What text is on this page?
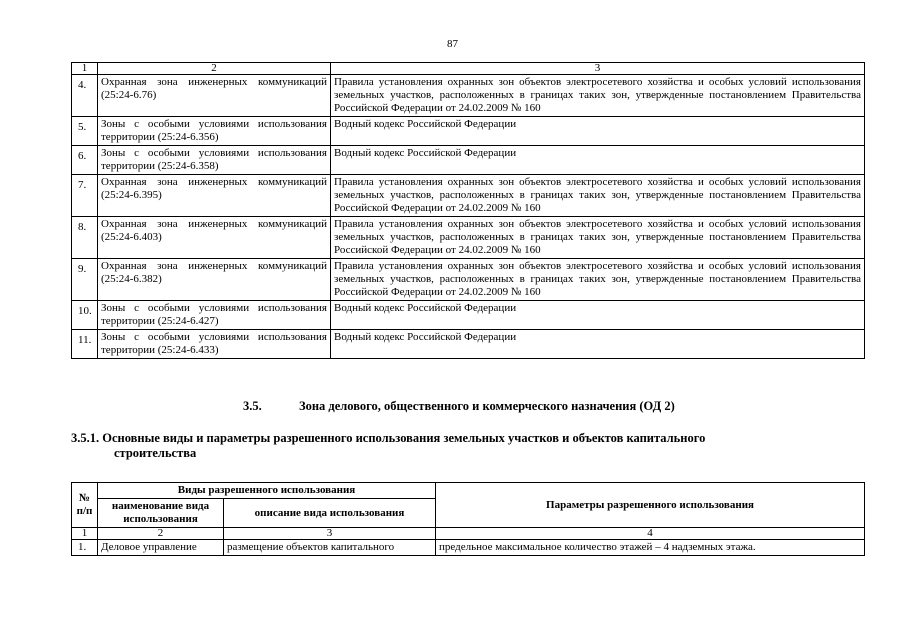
87
1	2	3
4.	Охранная зона инженерных коммуникаций (25:24-6.76)	Правила установления охранных зон объектов электросетевого хозяйства и особых условий использования земельных участков, расположенных в границах таких зон, утвержденные постановлением Правительства Российской Федерации от 24.02.2009 № 160
5.	Зоны с особыми условиями использования территории (25:24-6.356)	Водный кодекс Российской Федерации
6.	Зоны с особыми условиями использования территории (25:24-6.358)	Водный кодекс Российской Федерации
7.	Охранная зона инженерных коммуникаций (25:24-6.395)	Правила установления охранных зон объектов электросетевого хозяйства и особых условий использования земельных участков, расположенных в границах таких зон, утвержденные постановлением Правительства Российской Федерации от 24.02.2009 № 160
8.	Охранная зона инженерных коммуникаций (25:24-6.403)	Правила установления охранных зон объектов электросетевого хозяйства и особых условий использования земельных участков, расположенных в границах таких зон, утвержденные постановлением Правительства Российской Федерации от 24.02.2009 № 160
9.	Охранная зона инженерных коммуникаций (25:24-6.382)	Правила установления охранных зон объектов электросетевого хозяйства и особых условий использования земельных участков, расположенных в границах таких зон, утвержденные постановлением Правительства Российской Федерации от 24.02.2009 № 160
10.	Зоны с особыми условиями использования территории (25:24-6.427)	Водный кодекс Российской Федерации
11.	Зоны с особыми условиями использования территории (25:24-6.433)	Водный кодекс Российской Федерации
3.5.	Зона делового, общественного и коммерческого назначения (ОД 2)
3.5.1. Основные виды и параметры разрешенного использования земельных участков и объектов капитального
строительства
№ п/п	Виды разрешенного использования		Параметры разрешенного использования
	наименование вида использования	описание вида использования	
1	2	3	4
1.	Деловое управление	размещение объектов капитального	предельное максимальное количество этажей – 4 надземных этажа.
